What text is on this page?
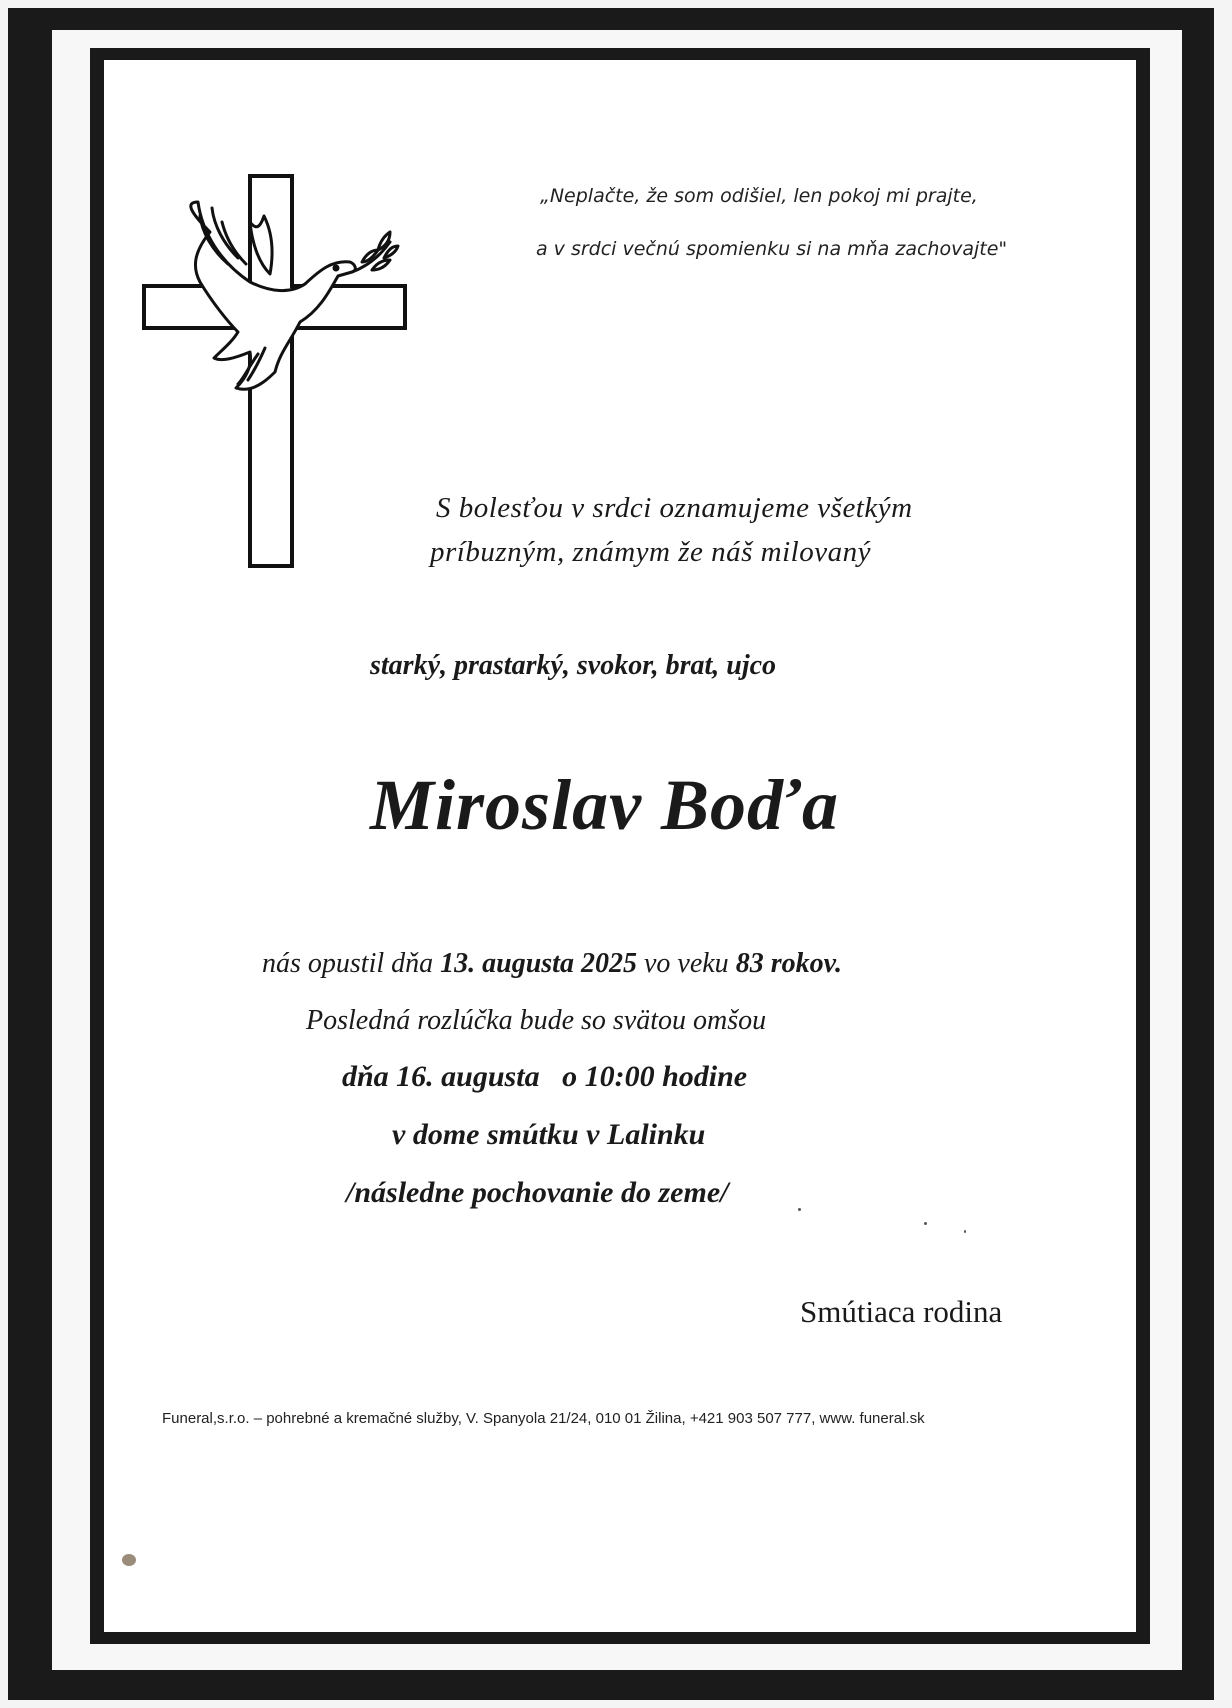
„Neplačte, že som odišiel, len pokoj mi prajte,
a v srdci večnú spomienku si na mňa zachovajte"
S bolesťou v srdci oznamujeme všetkým
príbuzným, známym že náš milovaný
starký, prastarký, svokor, brat, ujco
Miroslav Boďa
nás opustil dňa 13. augusta 2025 vo veku 83 rokov.
Posledná rozlúčka bude so svätou omšou
dňa 16. augusta o 10:00 hodine
v dome smútku v Lalinku
/následne pochovanie do zeme/
Smútiaca rodina
Funeral,s.r.o. – pohrebné a kremačné služby, V. Spanyola 21/24, 010 01 Žilina, +421 903 507 777, www. funeral.sk
